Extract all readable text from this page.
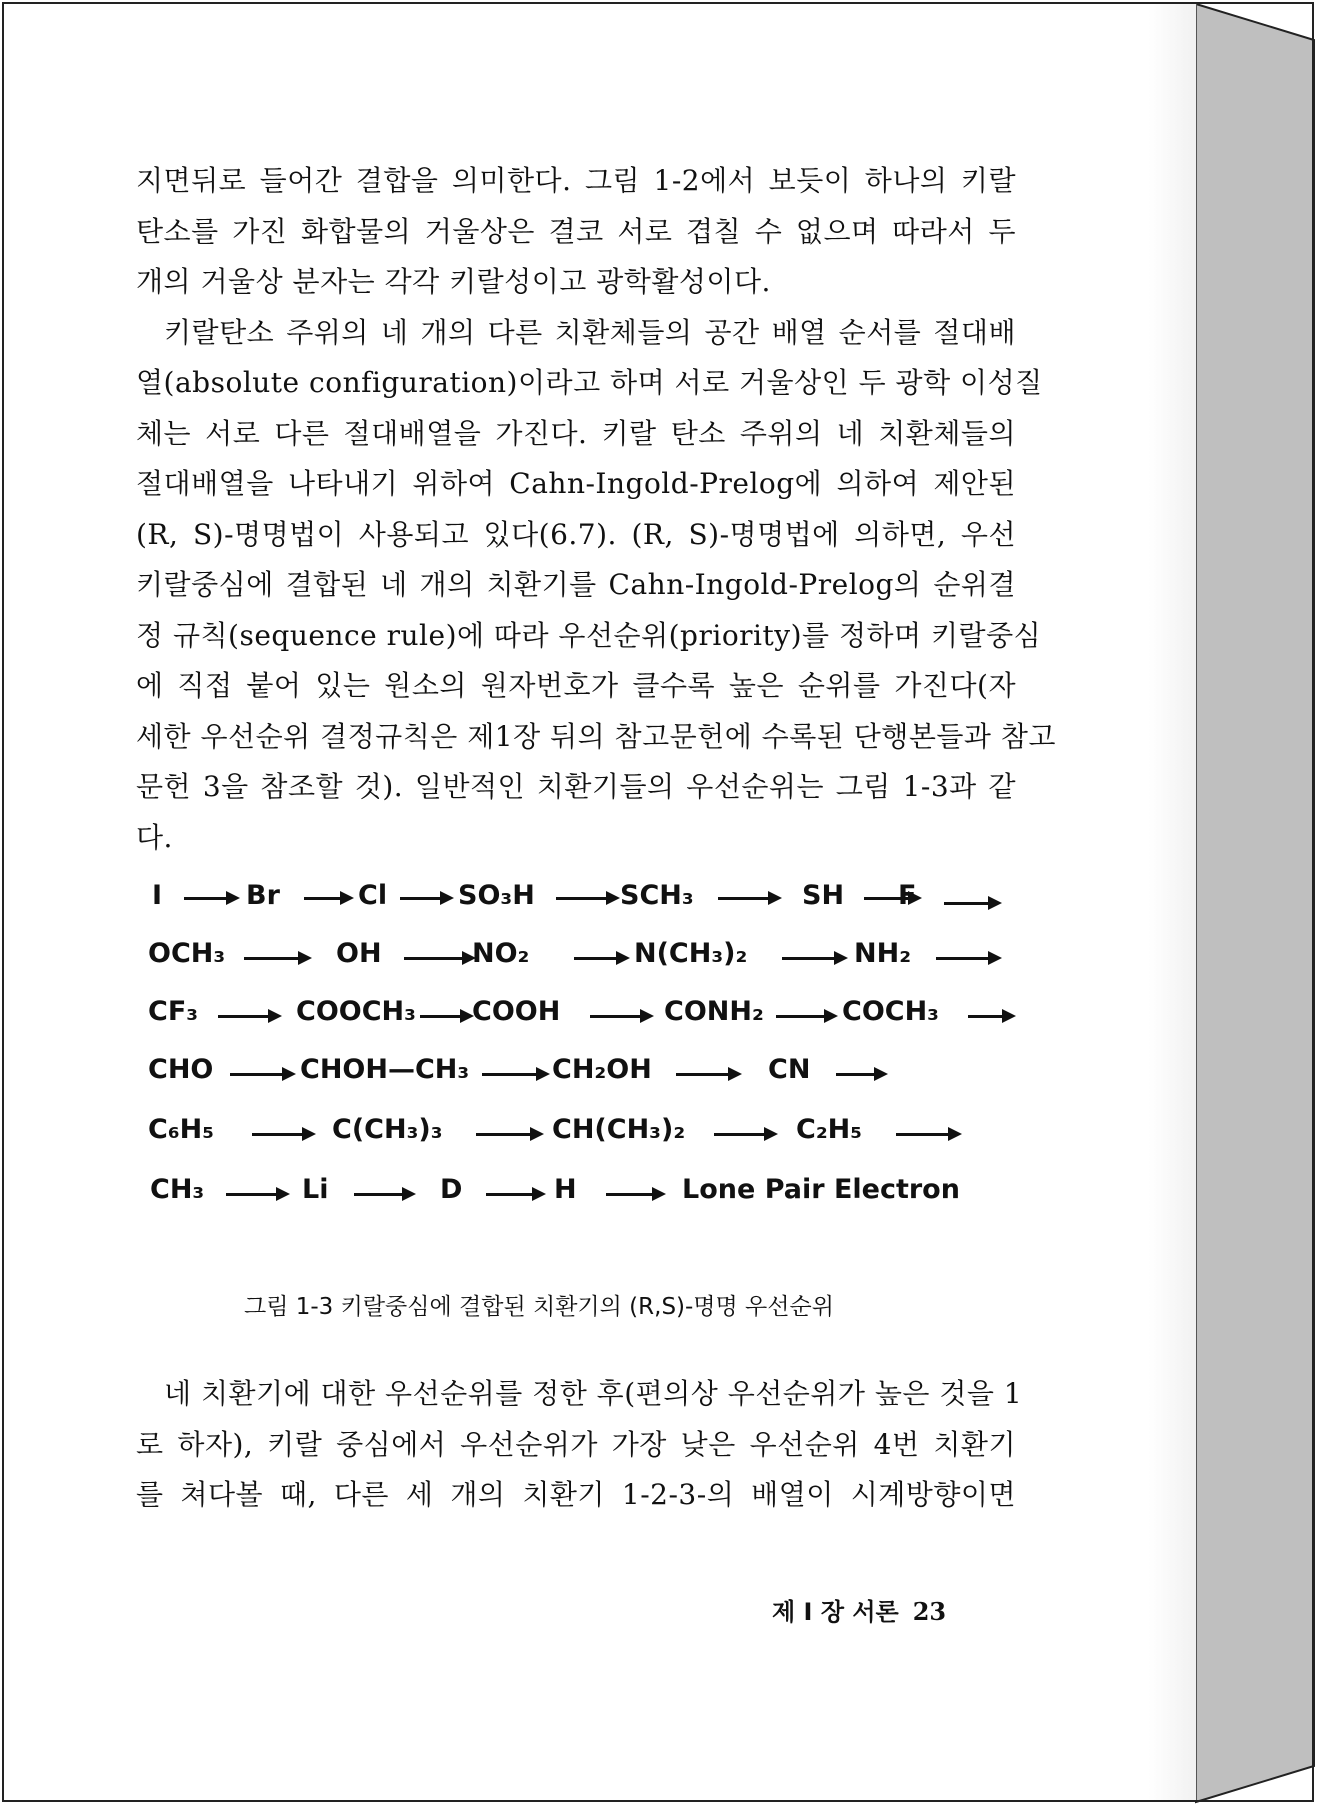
지면뒤로 들어간 결합을 의미한다. 그림 1-2에서 보듯이 하나의 키랄
탄소를 가진 화합물의 거울상은 결코 서로 겹칠 수 없으며 따라서 두
개의 거울상 분자는 각각 키랄성이고 광학활성이다.
키랄탄소 주위의 네 개의 다른 치환체들의 공간 배열 순서를 절대배
열(absolute configuration)이라고 하며 서로 거울상인 두 광학 이성질
체는 서로 다른 절대배열을 가진다. 키랄 탄소 주위의 네 치환체들의
절대배열을 나타내기 위하여 Cahn-Ingold-Prelog에 의하여 제안된
(R, S)-명명법이 사용되고 있다(6.7). (R, S)-명명법에 의하면, 우선
키랄중심에 결합된 네 개의 치환기를 Cahn-Ingold-Prelog의 순위결
정 규칙(sequence rule)에 따라 우선순위(priority)를 정하며 키랄중심
에 직접 붙어 있는 원소의 원자번호가 클수록 높은 순위를 가진다(자
세한 우선순위 결정규칙은 제1장 뒤의 참고문헌에 수록된 단행본들과 참고
문헌 3을 참조할 것). 일반적인 치환기들의 우선순위는 그림 1-3과 같
다.
I	Br	Cl	SO₃H	SCH₃	SH F
OCH₃	OH	NO₂	N(CH₃)₂	NH₂
CF₃	COOCH₃ COOH	CONH₂	COCH₃
CHO	CHOH—CH₃	CH₂OH	CN
C₆H₅	C(CH₃)₃	CH(CH₃)₂	C₂H₅
CH₃	Li	D	H	Lone Pair Electron
그림 1-3 키랄중심에 결합된 치환기의 (R,S)-명명 우선순위
네 치환기에 대한 우선순위를 정한 후(편의상 우선순위가 높은 것을 1
로 하자), 키랄 중심에서 우선순위가 가장 낮은 우선순위 4번 치환기
를 쳐다볼 때, 다른 세 개의 치환기 1-2-3-의 배열이 시계방향이면
제 I 장 서론 23
